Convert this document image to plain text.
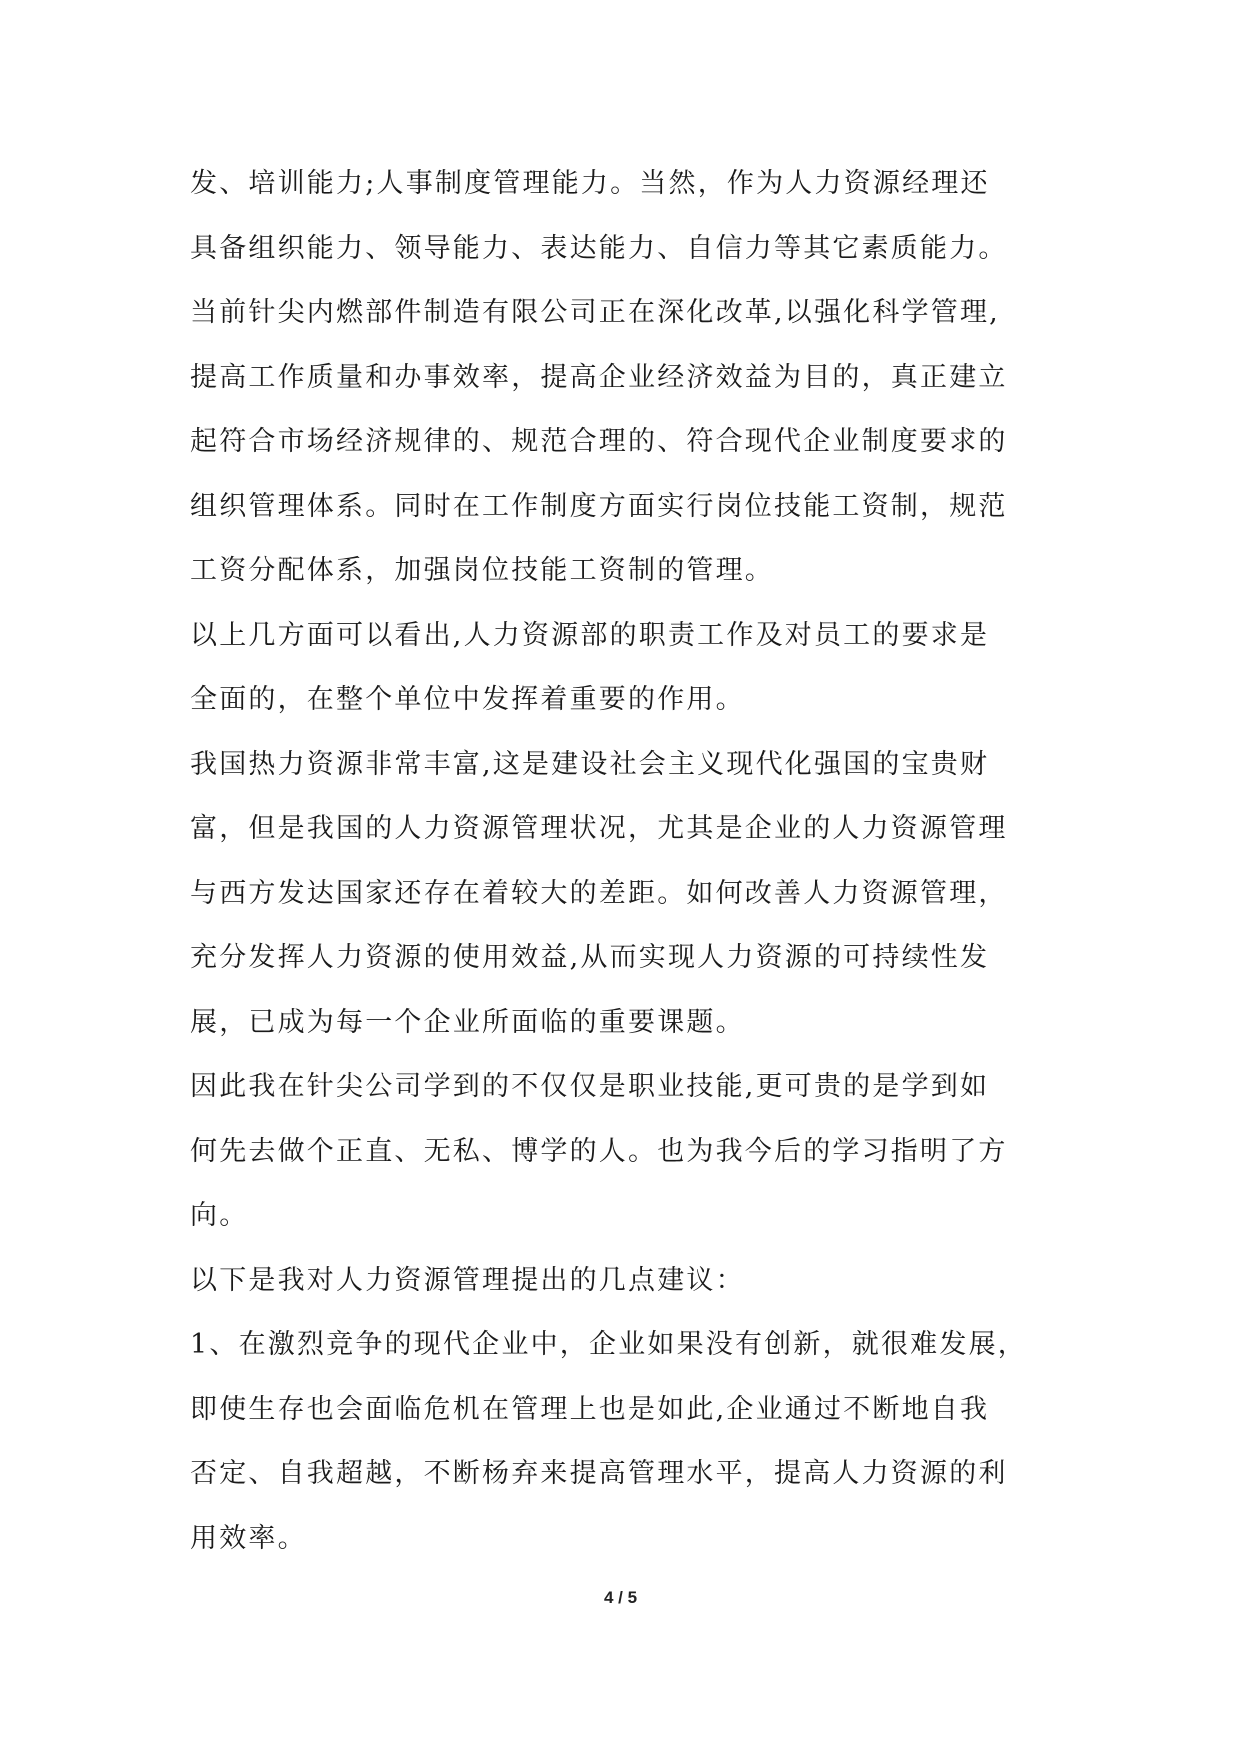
发、培训能力;人事制度管理能力。当然，作为人力资源经理还
具备组织能力、领导能力、表达能力、自信力等其它素质能力。
当前针尖内燃部件制造有限公司正在深化改革,以强化科学管理,
提高工作质量和办事效率，提高企业经济效益为目的，真正建立
起符合市场经济规律的、规范合理的、符合现代企业制度要求的
组织管理体系。同时在工作制度方面实行岗位技能工资制，规范
工资分配体系，加强岗位技能工资制的管理。
以上几方面可以看出,人力资源部的职责工作及对员工的要求是
全面的，在整个单位中发挥着重要的作用。
我国热力资源非常丰富,这是建设社会主义现代化强国的宝贵财
富，但是我国的人力资源管理状况，尤其是企业的人力资源管理
与西方发达国家还存在着较大的差距。如何改善人力资源管理，
充分发挥人力资源的使用效益,从而实现人力资源的可持续性发
展，已成为每一个企业所面临的重要课题。
因此我在针尖公司学到的不仅仅是职业技能,更可贵的是学到如
何先去做个正直、无私、博学的人。也为我今后的学习指明了方
向。
以下是我对人力资源管理提出的几点建议：
1、在激烈竞争的现代企业中，企业如果没有创新，就很难发展，
即使生存也会面临危机在管理上也是如此,企业通过不断地自我
否定、自我超越，不断杨弃来提高管理水平，提高人力资源的利
用效率。
4 / 5
